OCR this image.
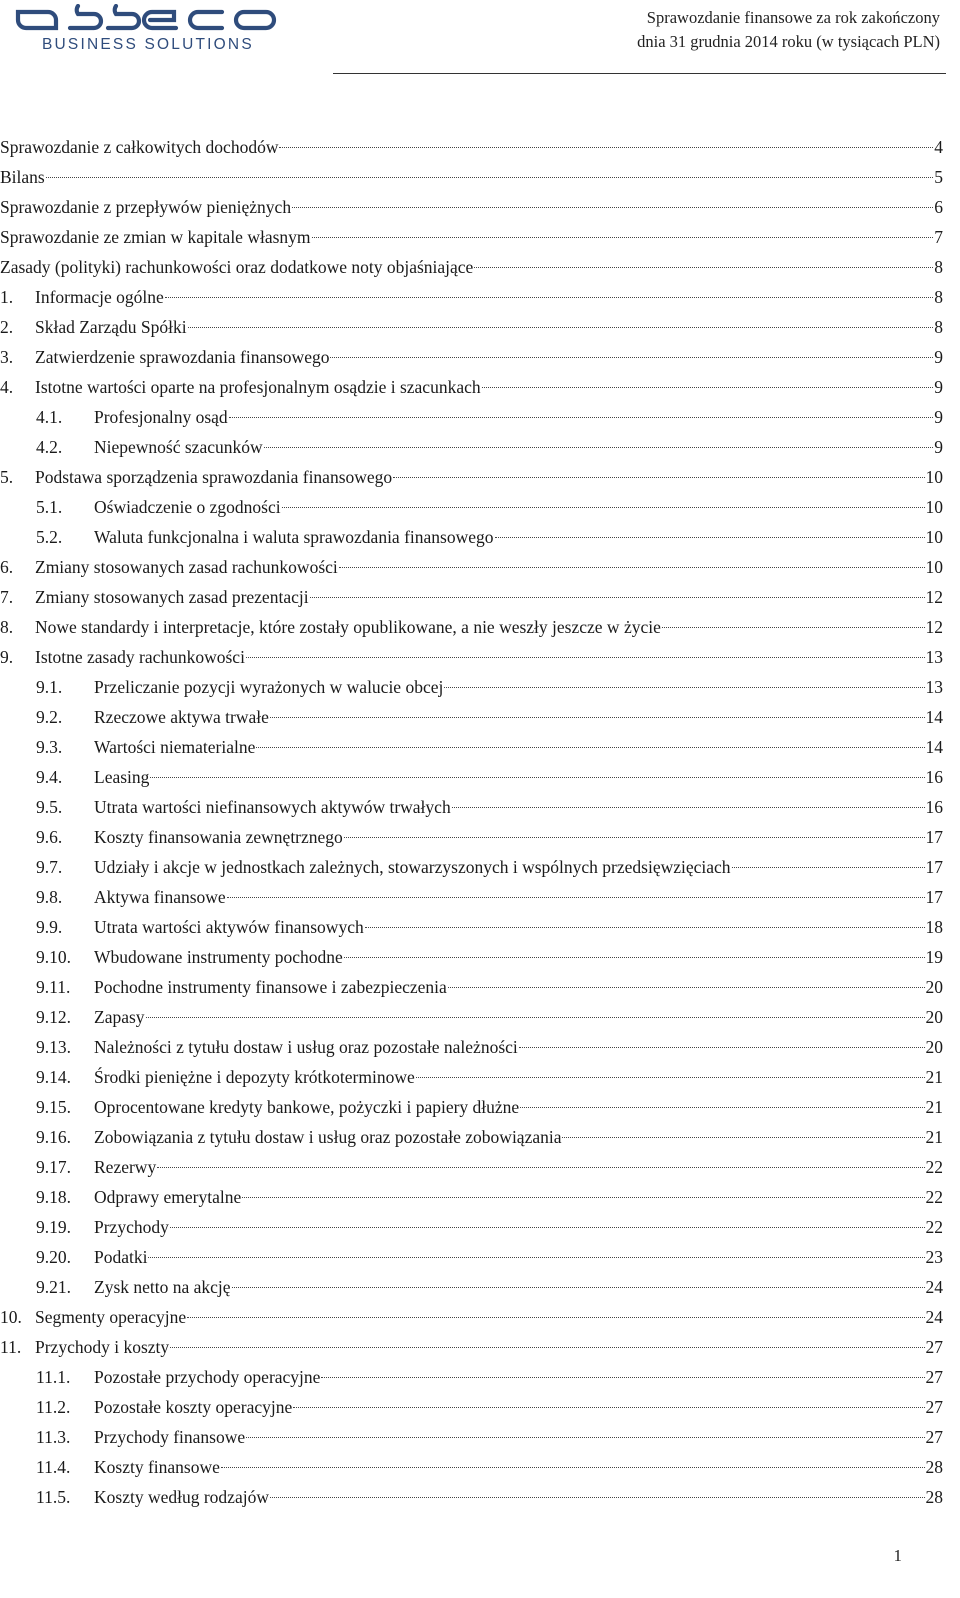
BUSINESS SOLUTIONS
Sprawozdanie finansowe za rok zakończony
dnia 31 grudnia 2014 roku (w tysiącach PLN)
Sprawozdanie z całkowitych dochodów	4
Bilans	5
Sprawozdanie z przepływów pieniężnych	6
Sprawozdanie ze zmian w kapitale własnym	7
Zasady (polityki) rachunkowości oraz dodatkowe noty objaśniające	8
1.	Informacje ogólne	8
2.	Skład Zarządu Spółki	8
3.	Zatwierdzenie sprawozdania finansowego	9
4.	Istotne wartości oparte na profesjonalnym osądzie i szacunkach	9
4.1.	Profesjonalny osąd	9
4.2.	Niepewność szacunków	9
5.	Podstawa sporządzenia sprawozdania finansowego	10
5.1.	Oświadczenie o zgodności	10
5.2.	Waluta funkcjonalna i waluta sprawozdania finansowego	10
6.	Zmiany stosowanych zasad rachunkowości	10
7.	Zmiany stosowanych zasad prezentacji	12
8.	Nowe standardy i interpretacje, które zostały opublikowane, a nie weszły jeszcze w życie	12
9.	Istotne zasady rachunkowości	13
9.1.	Przeliczanie pozycji wyrażonych w walucie obcej	13
9.2.	Rzeczowe aktywa trwałe	14
9.3.	Wartości niematerialne	14
9.4.	Leasing	16
9.5.	Utrata wartości niefinansowych aktywów trwałych	16
9.6.	Koszty finansowania zewnętrznego	17
9.7.	Udziały i akcje w jednostkach zależnych, stowarzyszonych i wspólnych przedsięwzięciach	17
9.8.	Aktywa finansowe	17
9.9.	Utrata wartości aktywów finansowych	18
9.10.	Wbudowane instrumenty pochodne	19
9.11.	Pochodne instrumenty finansowe i zabezpieczenia	20
9.12.	Zapasy	20
9.13.	Należności z tytułu dostaw i usług oraz pozostałe należności	20
9.14.	Środki pieniężne i depozyty krótkoterminowe	21
9.15.	Oprocentowane kredyty bankowe, pożyczki i papiery dłużne	21
9.16.	Zobowiązania z tytułu dostaw i usług oraz pozostałe zobowiązania	21
9.17.	Rezerwy	22
9.18.	Odprawy emerytalne	22
9.19.	Przychody	22
9.20.	Podatki	23
9.21.	Zysk netto na akcję	24
10. Segmenty operacyjne	24
11. Przychody i koszty	27
11.1.	Pozostałe przychody operacyjne	27
11.2.	Pozostałe koszty operacyjne	27
11.3.	Przychody finansowe	27
11.4.	Koszty finansowe	28
11.5.	Koszty według rodzajów	28
1
